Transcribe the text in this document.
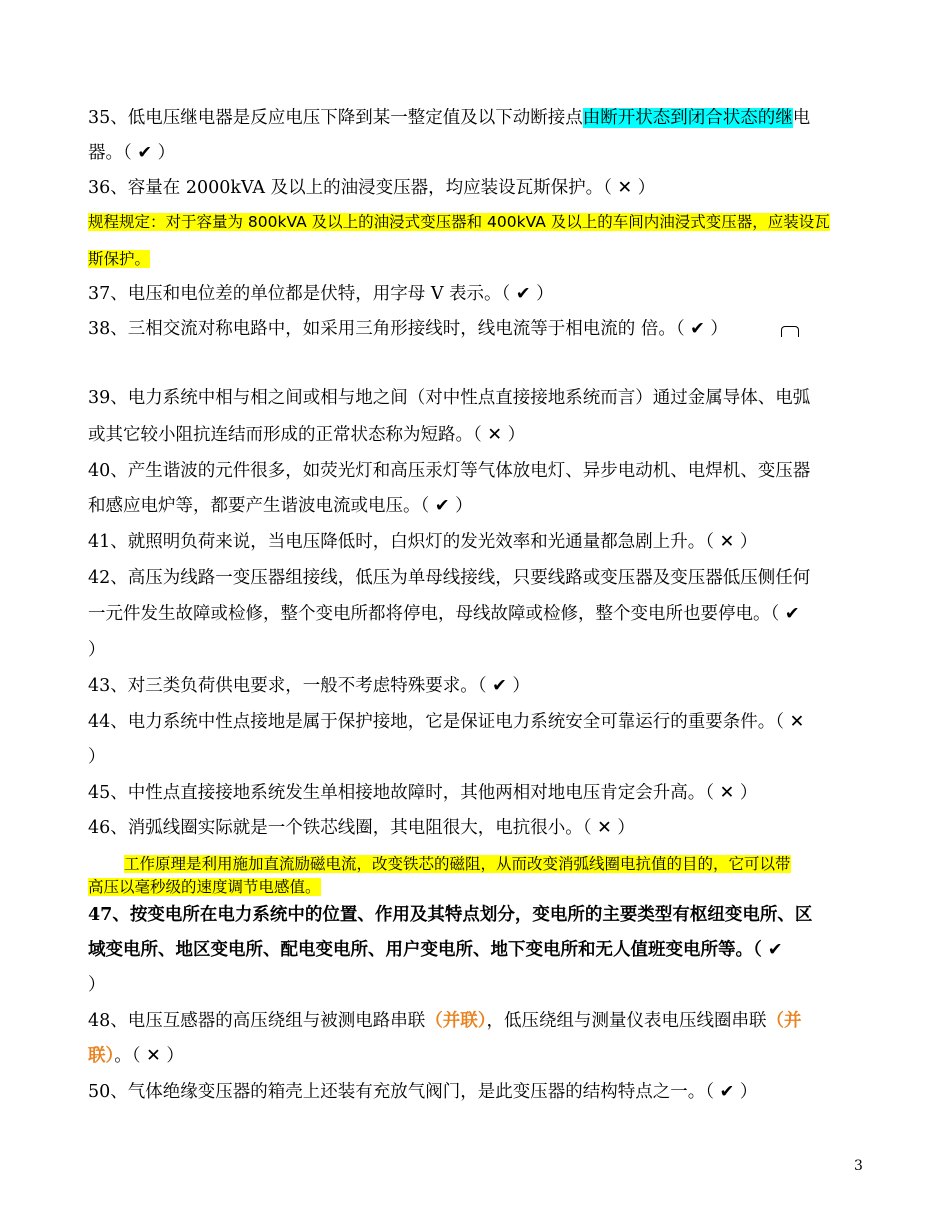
35、低电压继电器是反应电压下降到某一整定值及以下动断接点由断开状态到闭合状态的继电
器。（ ✔ ）
36、容量在 2000kVA 及以上的油浸变压器，均应装设瓦斯保护。（ ✕ ）
规程规定：对于容量为 800kVA 及以上的油浸式变压器和 400kVA 及以上的车间内油浸式变压器，应装设瓦
斯保护。
37、电压和电位差的单位都是伏特，用字母 V 表示。（ ✔ ）
38、三相交流对称电路中，如采用三角形接线时，线电流等于相电流的 倍。（ ✔ ）
39、电力系统中相与相之间或相与地之间（对中性点直接接地系统而言）通过金属导体、电弧
或其它较小阻抗连结而形成的正常状态称为短路。（ ✕ ）
40、产生谐波的元件很多，如荧光灯和高压汞灯等气体放电灯、异步电动机、电焊机、变压器
和感应电炉等，都要产生谐波电流或电压。（ ✔ ）
41、就照明负荷来说，当电压降低时，白炽灯的发光效率和光通量都急剧上升。（ ✕ ）
42、高压为线路一变压器组接线，低压为单母线接线，只要线路或变压器及变压器低压侧任何
一元件发生故障或检修，整个变电所都将停电，母线故障或检修，整个变电所也要停电。（ ✔
）
43、对三类负荷供电要求，一般不考虑特殊要求。（ ✔ ）
44、电力系统中性点接地是属于保护接地，它是保证电力系统安全可靠运行的重要条件。（ ✕
）
45、中性点直接接地系统发生单相接地故障时，其他两相对地电压肯定会升高。（ ✕ ）
46、消弧线圈实际就是一个铁芯线圈，其电阻很大，电抗很小。（ ✕ ）
工作原理是利用施加直流励磁电流，改变铁芯的磁阻，从而改变消弧线圈电抗值的目的，它可以带
高压以毫秒级的速度调节电感值。
47、按变电所在电力系统中的位置、作用及其特点划分，变电所的主要类型有枢纽变电所、区
域变电所、地区变电所、配电变电所、用户变电所、地下变电所和无人值班变电所等。（ ✔
）
48、电压互感器的高压绕组与被测电路串联（并联），低压绕组与测量仪表电压线圈串联（并
联）。（ ✕ ）
50、气体绝缘变压器的箱壳上还装有充放气阀门，是此变压器的结构特点之一。（ ✔ ）
3
